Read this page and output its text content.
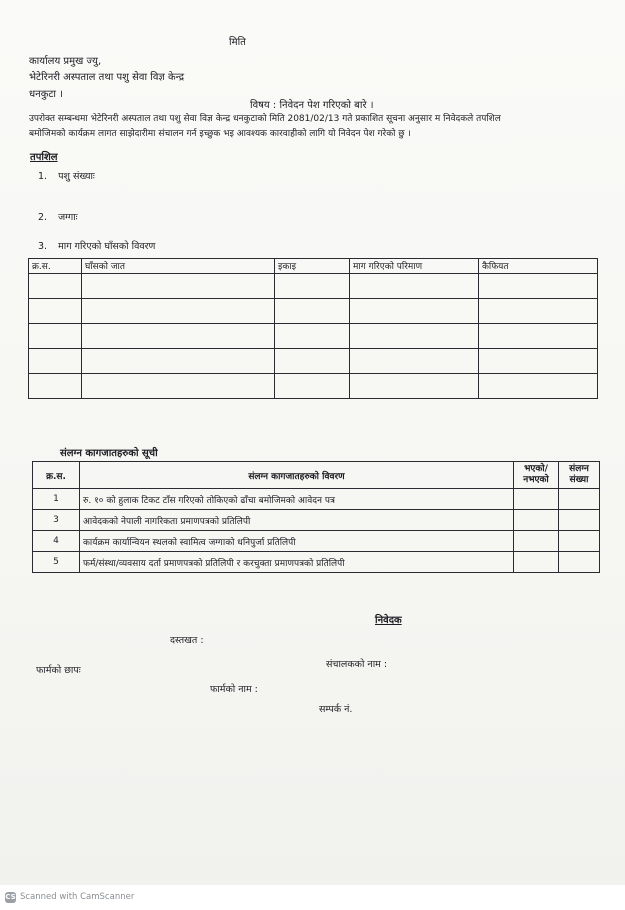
मिति
कार्यालय प्रमुख ज्यु,
भेटेरिनरी अस्पताल तथा पशु सेवा विज्ञ केन्द्र
धनकुटा ।
विषय : निवेदन पेश गरिएको बारे ।
उपरोक्त सम्बन्धमा भेटेरिनरी अस्पताल तथा पशु सेवा विज्ञ केन्द्र धनकुटाको मिति 2081/02/13 गते प्रकाशित सूचना अनुसार म निवेदकले तपशिल
बमोजिमको कार्यक्रम लागत साझेदारीमा संचालन गर्न इच्छुक भइ आवश्यक कारवाहीको लागि यो निवेदन पेश गरेको छु ।
तपशिल
1. पशु संख्याः
2. जग्गाः
3. माग गरिएको घाँसको विवरण
क्र.स.	घाँसको जात	इकाइ	माग गरिएको परिमाण	कैफियत

संलग्न कागजातहरुको सूची
क्र.स.	संलग्न कागजातहरुको विवरण	भएको/ नभएको	संलग्न संख्या
1	रु. १० को हुलाक टिकट टाँस गरिएको तोकिएको ढाँचा बमोजिमको आवेदन पत्र		
3	आवेदकको नेपाली नागरिकता प्रमाणपत्रको प्रतिलिपी		
4	कार्यक्रम कार्यान्वियन स्थलको स्वामित्व जग्गाको धनिपुर्जा प्रतिलिपी		
5	फर्म/संस्था/व्यवसाय दर्ता प्रमाणपत्रको प्रतिलिपी र करचुक्ता प्रमाणपत्रको प्रतिलिपी		
निवेदक
दस्तखत :
फार्मको छापः
संचालकको नाम :
फार्मको नाम :
सम्पर्क नं.
CS Scanned with CamScanner
